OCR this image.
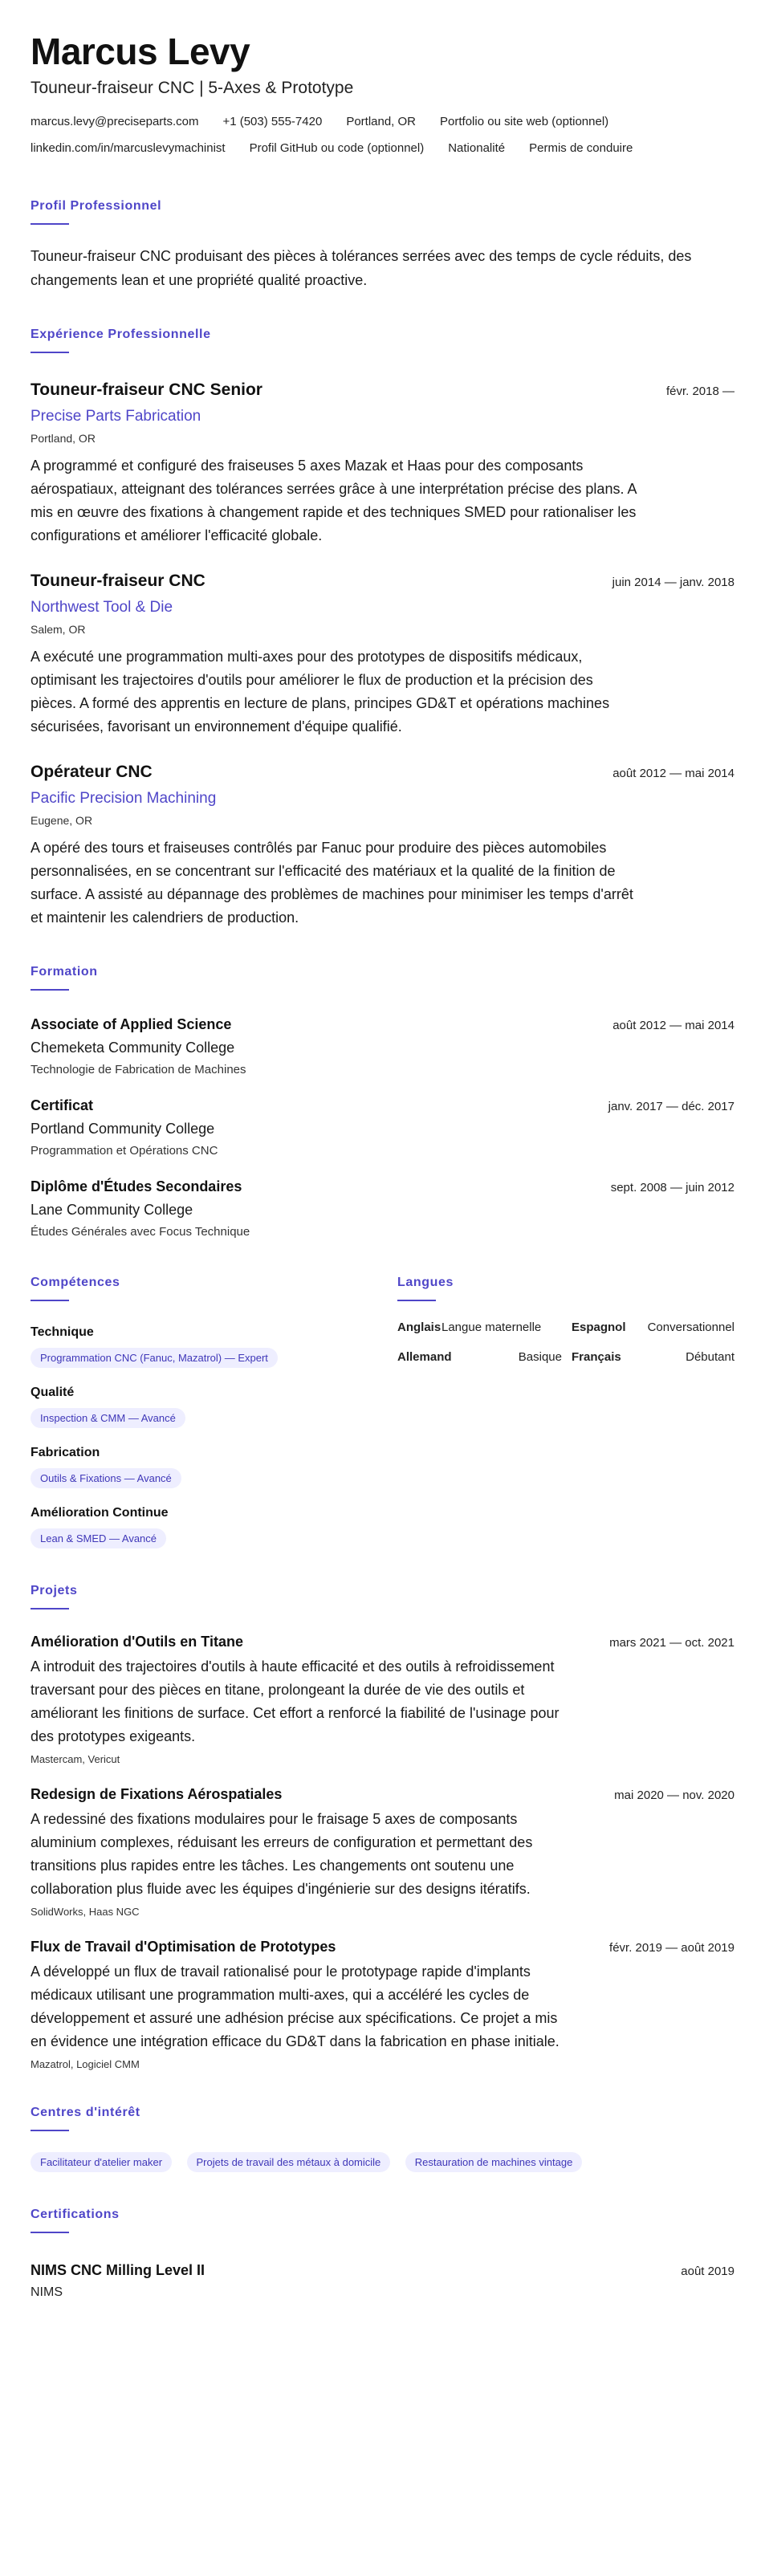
Marcus Levy
Touneur-fraiseur CNC | 5-Axes & Prototype
marcus.levy@preciseparts.com +1 (503) 555-7420 Portland, OR Portfolio ou site web (optionnel)
linkedin.com/in/marcuslevymachinist Profil GitHub ou code (optionnel) Nationalité Permis de conduire
Profil Professionnel
Touneur-fraiseur CNC produisant des pièces à tolérances serrées avec des temps de cycle réduits, des changements lean et une propriété qualité proactive.
Expérience Professionnelle
Touneur-fraiseur CNC Senior	févr. 2018 —
Precise Parts Fabrication
Portland, OR
A programmé et configuré des fraiseuses 5 axes Mazak et Haas pour des composants aérospatiaux, atteignant des tolérances serrées grâce à une interprétation précise des plans. A mis en œuvre des fixations à changement rapide et des techniques SMED pour rationaliser les configurations et améliorer l'efficacité globale.
Touneur-fraiseur CNC	juin 2014 — janv. 2018
Northwest Tool & Die
Salem, OR
A exécuté une programmation multi-axes pour des prototypes de dispositifs médicaux, optimisant les trajectoires d'outils pour améliorer le flux de production et la précision des pièces. A formé des apprentis en lecture de plans, principes GD&T et opérations machines sécurisées, favorisant un environnement d'équipe qualifié.
Opérateur CNC	août 2012 — mai 2014
Pacific Precision Machining
Eugene, OR
A opéré des tours et fraiseuses contrôlés par Fanuc pour produire des pièces automobiles personnalisées, en se concentrant sur l'efficacité des matériaux et la qualité de la finition de surface. A assisté au dépannage des problèmes de machines pour minimiser les temps d'arrêt et maintenir les calendriers de production.
Formation
Associate of Applied Science	août 2012 — mai 2014
Chemeketa Community College
Technologie de Fabrication de Machines
Certificat	janv. 2017 — déc. 2017
Portland Community College
Programmation et Opérations CNC
Diplôme d'Études Secondaires	sept. 2008 — juin 2012
Lane Community College
Études Générales avec Focus Technique
Compétences
Technique
Programmation CNC (Fanuc, Mazatrol) — Expert
Qualité
Inspection & CMM — Avancé
Fabrication
Outils & Fixations — Avancé
Amélioration Continue
Lean & SMED — Avancé
Langues
Anglais Langue maternelle	Espagnol	Conversationnel
Allemand	Basique Français	Débutant
Projets
Amélioration d'Outils en Titane	mars 2021 — oct. 2021
A introduit des trajectoires d'outils à haute efficacité et des outils à refroidissement traversant pour des pièces en titane, prolongeant la durée de vie des outils et améliorant les finitions de surface. Cet effort a renforcé la fiabilité de l'usinage pour des prototypes exigeants.
Mastercam, Vericut
Redesign de Fixations Aérospatiales	mai 2020 — nov. 2020
A redessiné des fixations modulaires pour le fraisage 5 axes de composants aluminium complexes, réduisant les erreurs de configuration et permettant des transitions plus rapides entre les tâches. Les changements ont soutenu une collaboration plus fluide avec les équipes d'ingénierie sur des designs itératifs.
SolidWorks, Haas NGC
Flux de Travail d'Optimisation de Prototypes	févr. 2019 — août 2019
A développé un flux de travail rationalisé pour le prototypage rapide d'implants médicaux utilisant une programmation multi-axes, qui a accéléré les cycles de développement et assuré une adhésion précise aux spécifications. Ce projet a mis en évidence une intégration efficace du GD&T dans la fabrication en phase initiale.
Mazatrol, Logiciel CMM
Centres d'intérêt
Facilitateur d'atelier maker	Projets de travail des métaux à domicile	Restauration de machines vintage
Certifications
NIMS CNC Milling Level II	août 2019
NIMS
